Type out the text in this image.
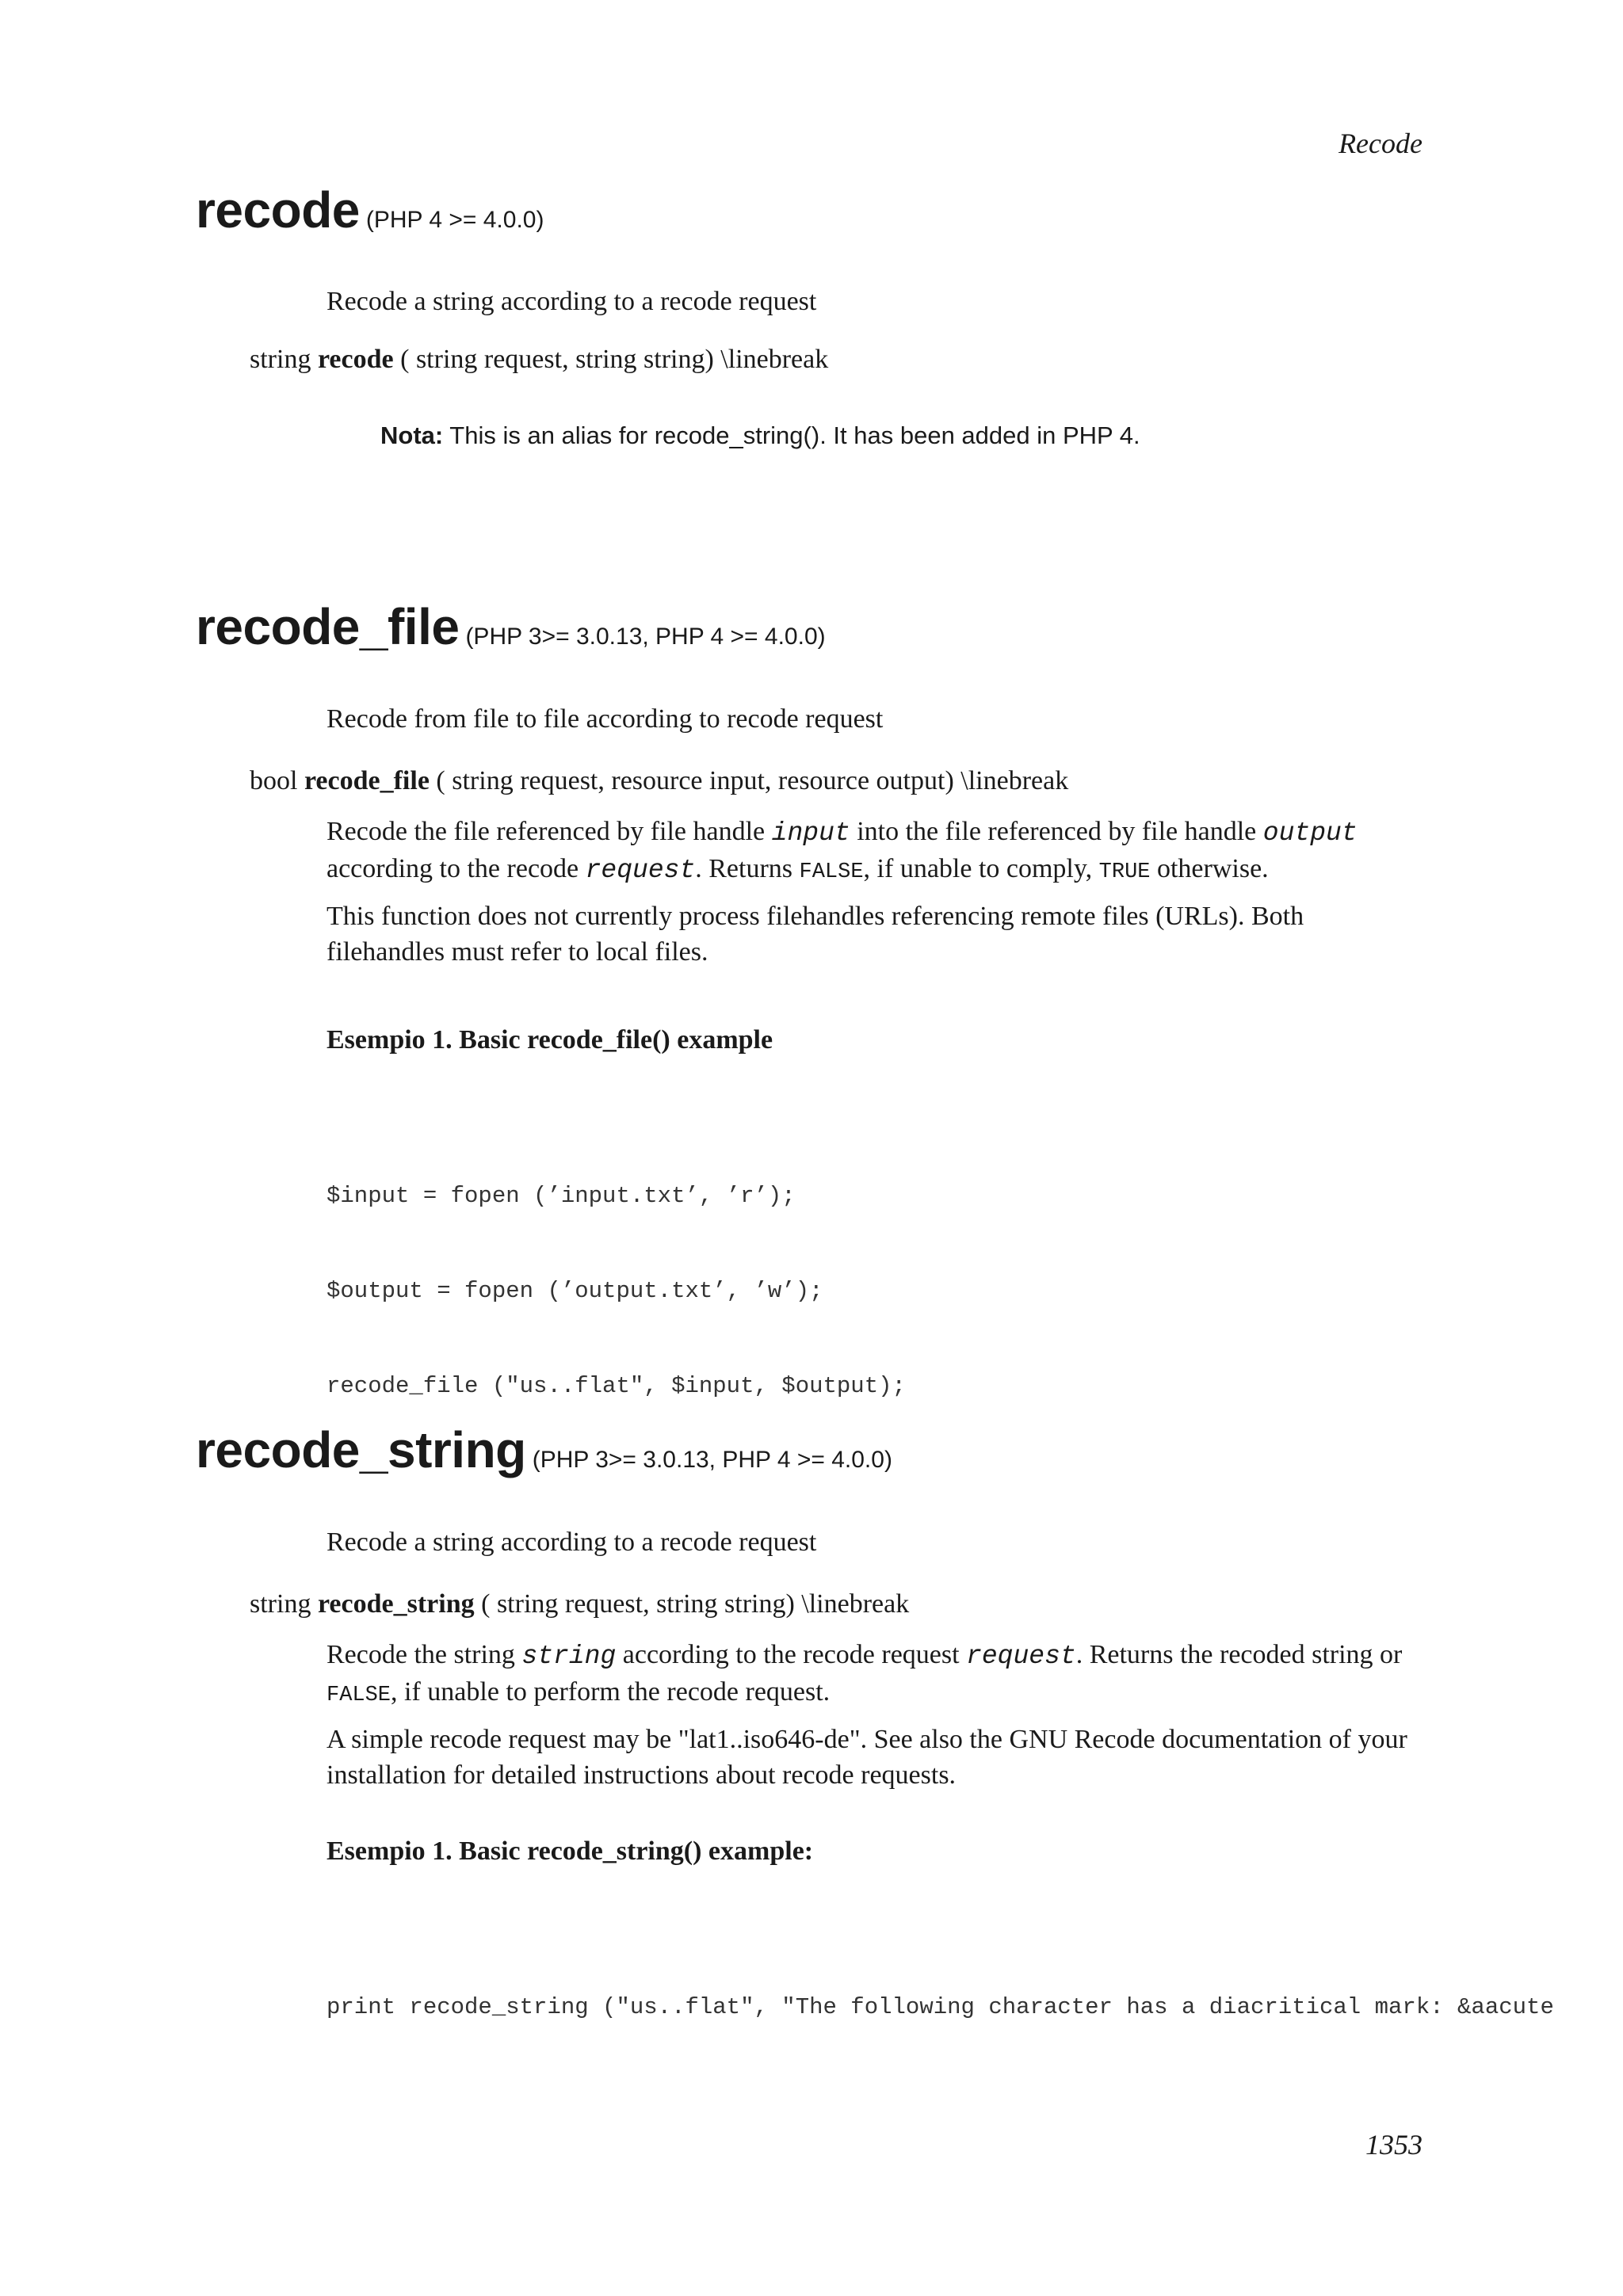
Recode
recode (PHP 4 >= 4.0.0)
Recode a string according to a recode request
string recode ( string request, string string) \linebreak
Nota: This is an alias for recode_string(). It has been added in PHP 4.
recode_file (PHP 3>= 3.0.13, PHP 4 >= 4.0.0)
Recode from file to file according to recode request
bool recode_file ( string request, resource input, resource output) \linebreak
Recode the file referenced by file handle input into the file referenced by file handle output
according to the recode request. Returns FALSE, if unable to comply, TRUE otherwise.
This function does not currently process filehandles referencing remote files (URLs). Both
filehandles must refer to local files.
Esempio 1. Basic recode_file() example

$input = fopen (’input.txt’, ’r’);

$output = fopen (’output.txt’, ’w’);

recode_file ("us..flat", $input, $output);

recode_string (PHP 3>= 3.0.13, PHP 4 >= 4.0.0)
Recode a string according to a recode request
string recode_string ( string request, string string) \linebreak
Recode the string string according to the recode request request. Returns the recoded string or
FALSE, if unable to perform the recode request.
A simple recode request may be "lat1..iso646-de". See also the GNU Recode documentation of your
installation for detailed instructions about recode requests.
Esempio 1. Basic recode_string() example:

print recode_string ("us..flat", "The following character has a diacritical mark: &aacute

1353
